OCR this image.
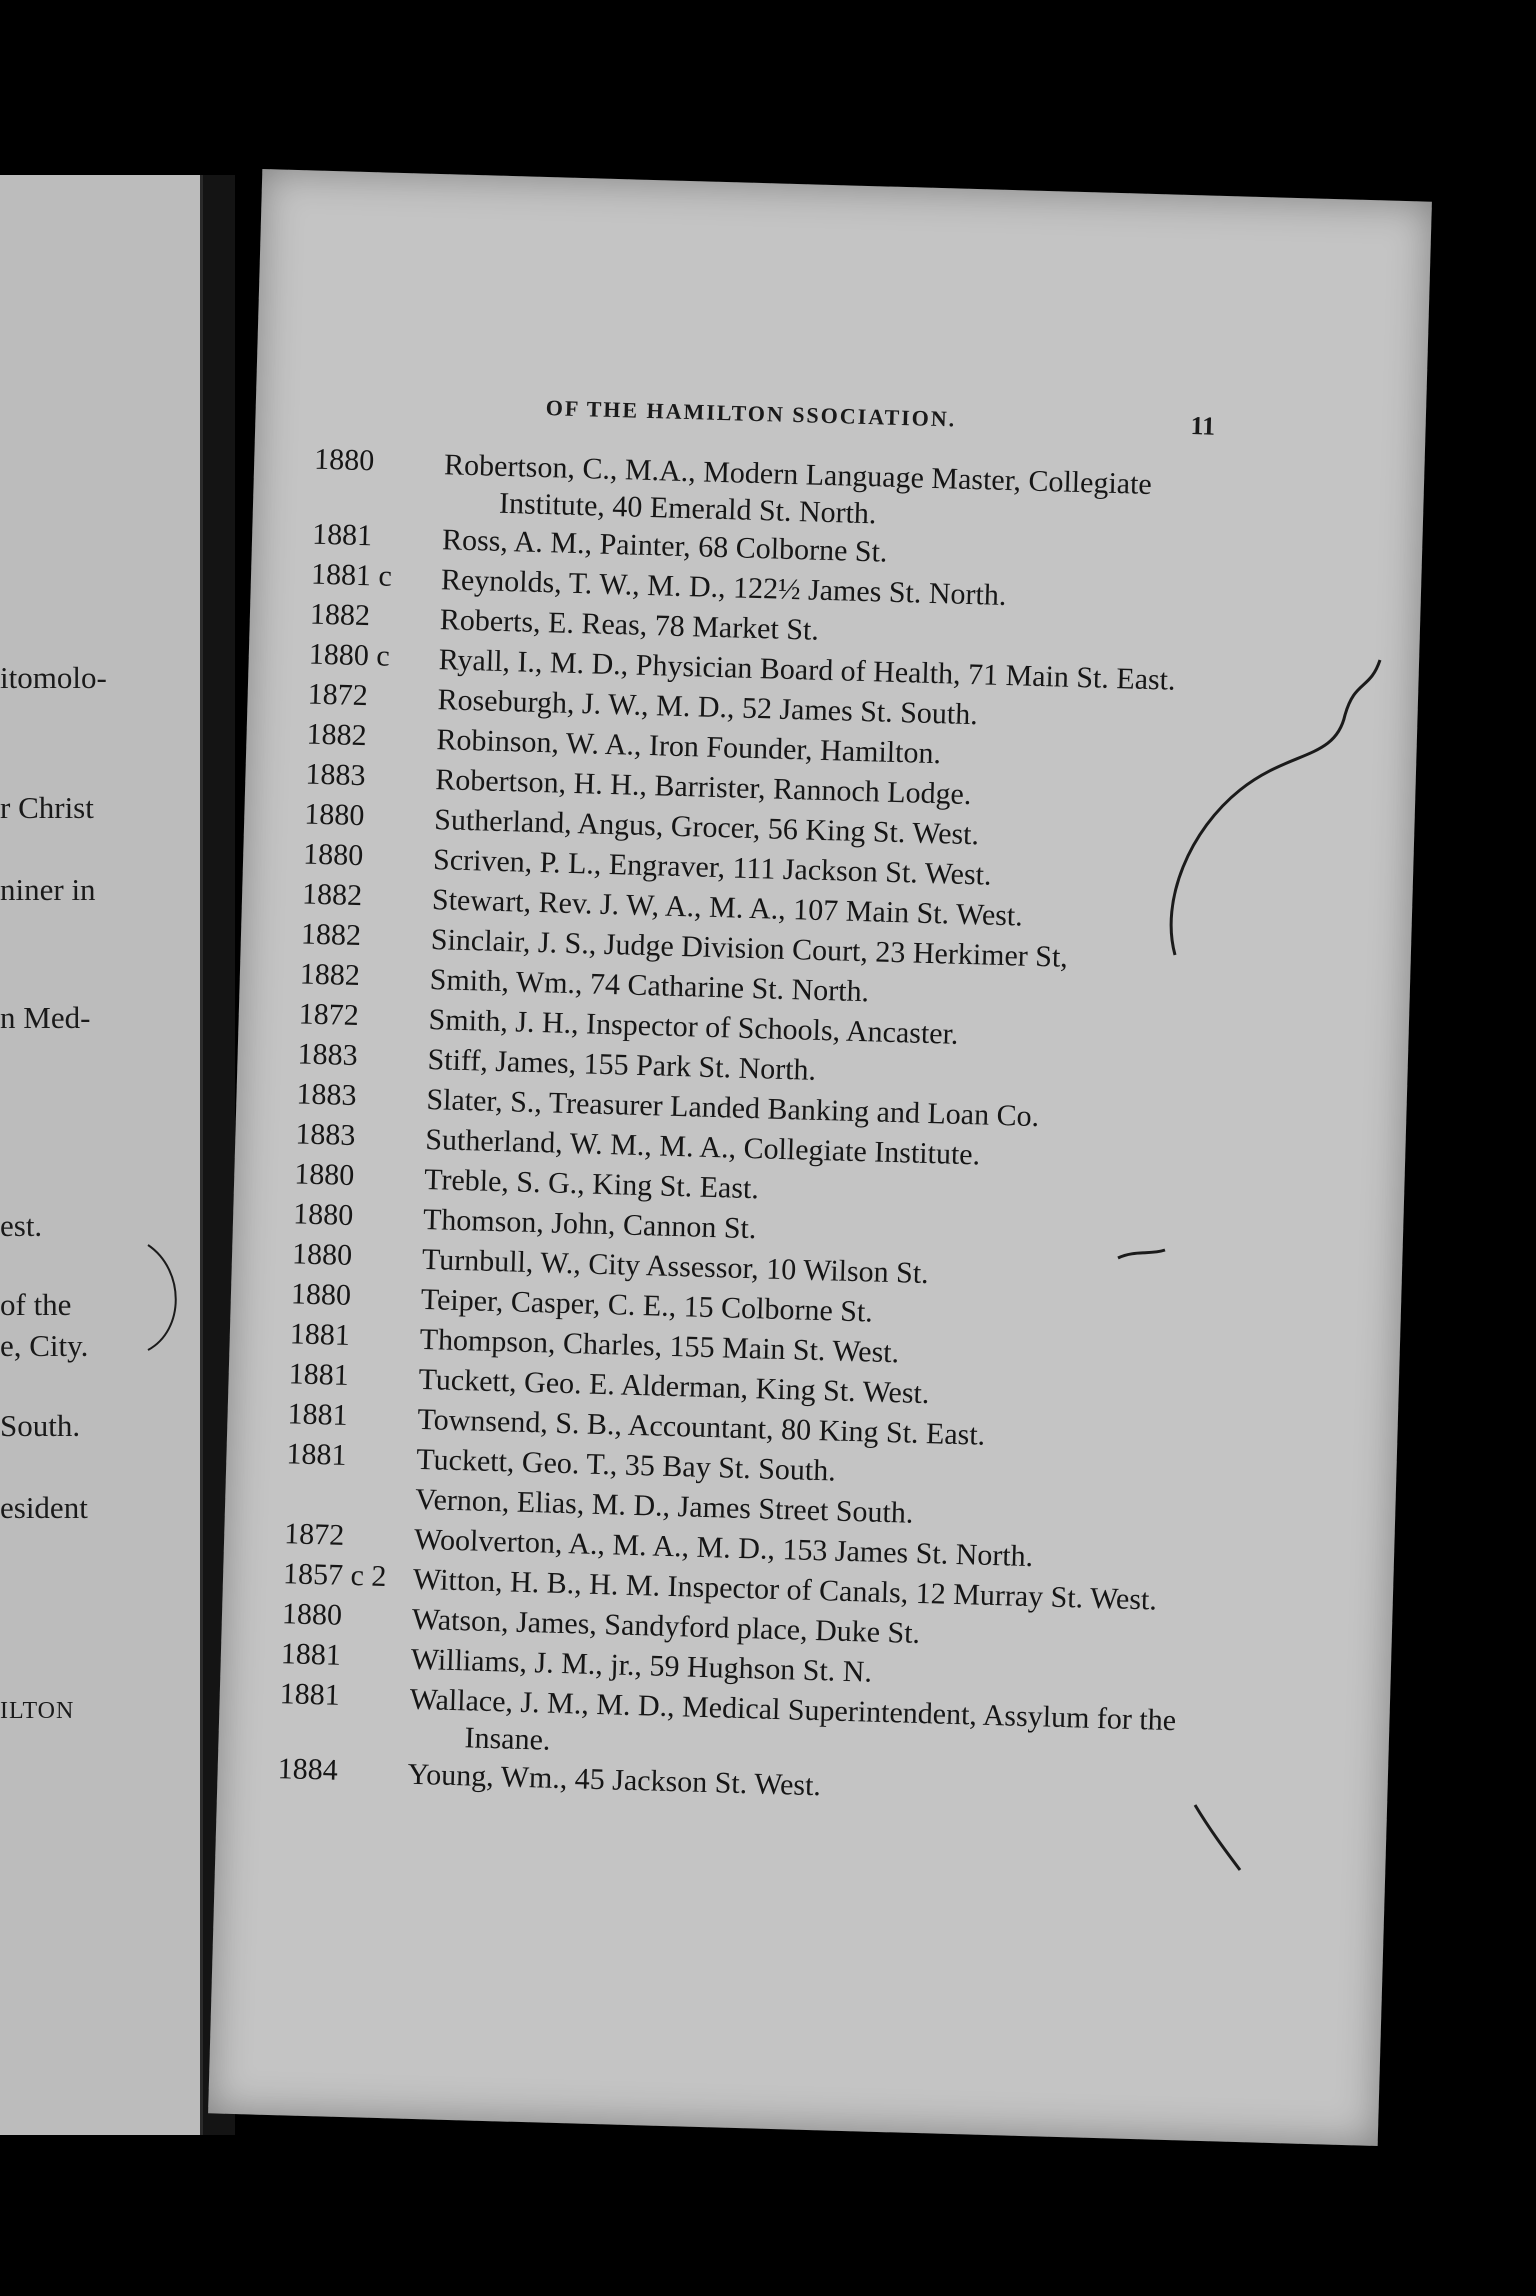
itomolo-
r Christ
niner in
n Med-
est.
of the
e, City.
South.
esident
ILTON
OF THE HAMILTON SSOCIATION.	11
1880	Robertson, C., M.A., Modern Language Master, Collegiate Institute, 40 Emerald St. North.
1881	Ross, A. M., Painter, 68 Colborne St.
1881 c	Reynolds, T. W., M. D., 122½ James St. North.
1882	Roberts, E. Reas, 78 Market St.
1880 c	Ryall, I., M. D., Physician Board of Health, 71 Main St. East.
1872	Roseburgh, J. W., M. D., 52 James St. South.
1882	Robinson, W. A., Iron Founder, Hamilton.
1883	Robertson, H. H., Barrister, Rannoch Lodge.
1880	Sutherland, Angus, Grocer, 56 King St. West.
1880	Scriven, P. L., Engraver, 111 Jackson St. West.
1882	Stewart, Rev. J. W, A., M. A., 107 Main St. West.
1882	Sinclair, J. S., Judge Division Court, 23 Herkimer St,
1882	Smith, Wm., 74 Catharine St. North.
1872	Smith, J. H., Inspector of Schools, Ancaster.
1883	Stiff, James, 155 Park St. North.
1883	Slater, S., Treasurer Landed Banking and Loan Co.
1883	Sutherland, W. M., M. A., Collegiate Institute.
1880	Treble, S. G., King St. East.
1880	Thomson, John, Cannon St.
1880	Turnbull, W., City Assessor, 10 Wilson St.
1880	Teiper, Casper, C. E., 15 Colborne St.
1881	Thompson, Charles, 155 Main St. West.
1881	Tuckett, Geo. E. Alderman, King St. West.
1881	Townsend, S. B., Accountant, 80 King St. East.
1881	Tuckett, Geo. T., 35 Bay St. South.
Vernon, Elias, M. D., James Street South.
1872	Woolverton, A., M. A., M. D., 153 James St. North.
1857 c 2 Witton, H. B., H. M. Inspector of Canals, 12 Murray St. West.
1880	Watson, James, Sandyford place, Duke St.
1881	Williams, J. M., jr., 59 Hughson St. N.
1881	Wallace, J. M., M. D., Medical Superintendent, Assylum for the Insane.
1884	Young, Wm., 45 Jackson St. West.
